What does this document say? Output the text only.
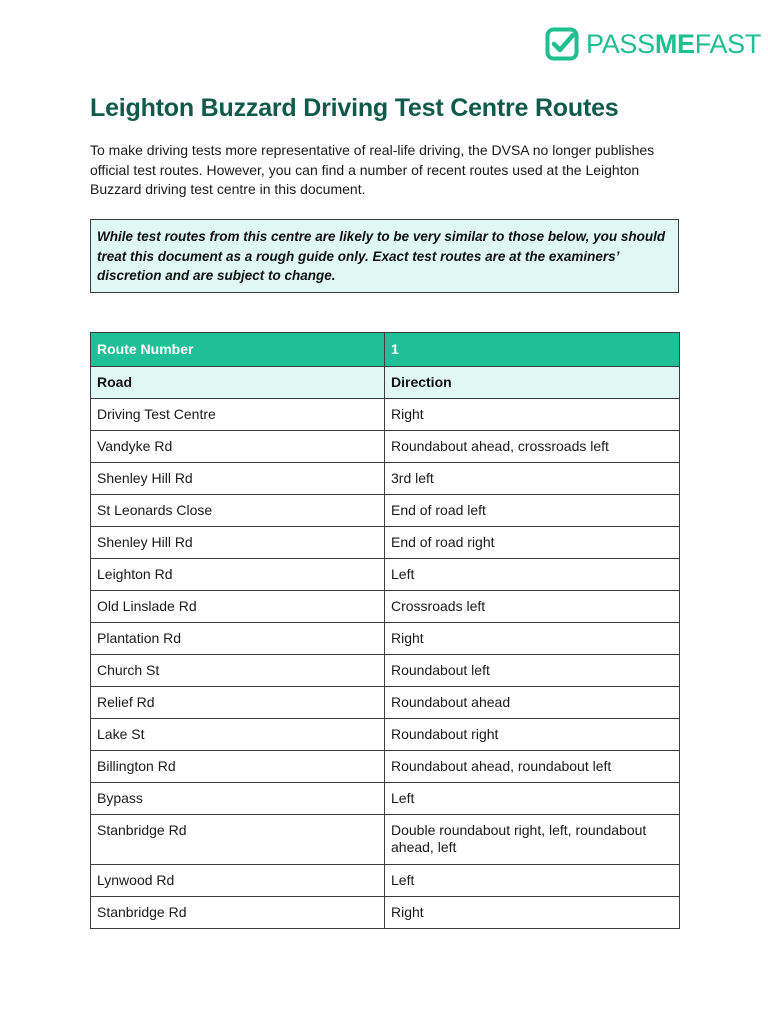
PASSMEFAST
Leighton Buzzard Driving Test Centre Routes

To make driving tests more representative of real-life driving, the DVSA no longer publishes official test routes. However, you can find a number of recent routes used at the Leighton Buzzard driving test centre in this document.

While test routes from this centre are likely to be very similar to those below, you should treat this document as a rough guide only. Exact test routes are at the examiners’ discretion and are subject to change.
Route Number	1
Road	Direction
Driving Test Centre	Right
Vandyke Rd	Roundabout ahead, crossroads left
Shenley Hill Rd	3rd left
St Leonards Close	End of road left
Shenley Hill Rd	End of road right
Leighton Rd	Left
Old Linslade Rd	Crossroads left
Plantation Rd	Right
Church St	Roundabout left
Relief Rd	Roundabout ahead
Lake St	Roundabout right
Billington Rd	Roundabout ahead, roundabout left
Bypass	Left
Stanbridge Rd	Double roundabout right, left, roundabout ahead, left
Lynwood Rd	Left
Stanbridge Rd	Right
